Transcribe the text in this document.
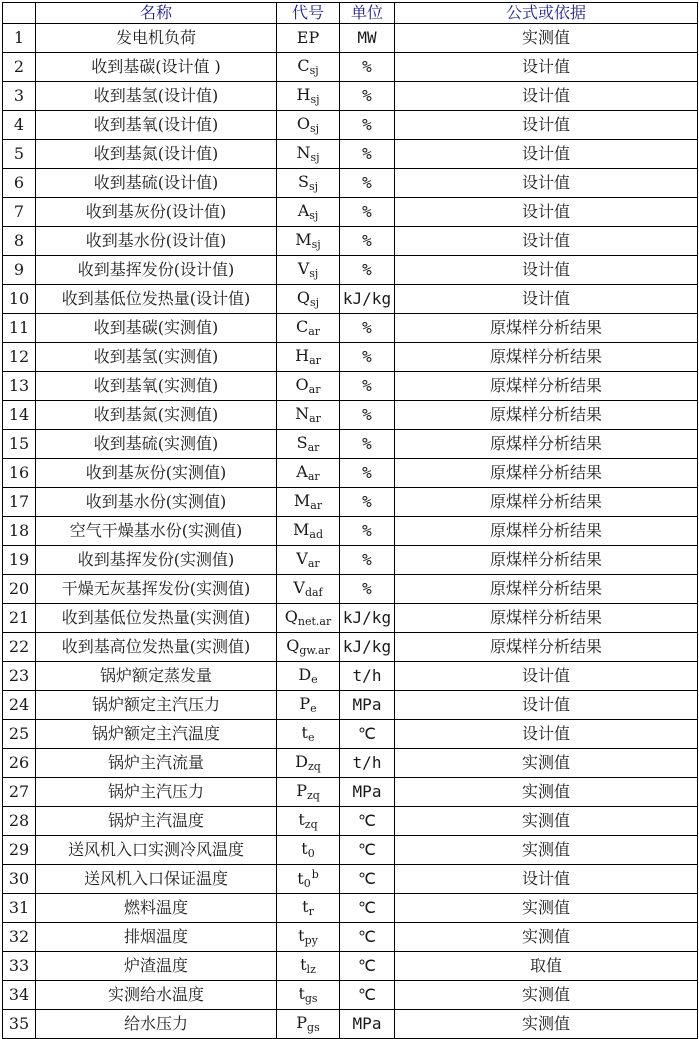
	名称	代号	单位	公式或依据
1	发电机负荷	EP	MW	实测值
2	收到基碳(设计值 )	$C_{sj}$	%	设计值
3	收到基氢(设计值)	$H_{sj}$	%	设计值
4	收到基氧(设计值)	$O_{sj}$	%	设计值
5	收到基氮(设计值)	$N_{sj}$	%	设计值
6	收到基硫(设计值)	$S_{sj}$	%	设计值
7	收到基灰份(设计值)	$A_{sj}$	%	设计值
8	收到基水份(设计值)	$M_{sj}$	%	设计值
9	收到基挥发份(设计值)	$V_{sj}$	%	设计值
10	收到基低位发热量(设计值)	$Q_{sj}$	kJ/kg	设计值
11	收到基碳(实测值)	$C_{ar}$	%	原煤样分析结果
12	收到基氢(实测值)	$H_{ar}$	%	原煤样分析结果
13	收到基氧(实测值)	$O_{ar}$	%	原煤样分析结果
14	收到基氮(实测值)	$N_{ar}$	%	原煤样分析结果
15	收到基硫(实测值)	$S_{ar}$	%	原煤样分析结果
16	收到基灰份(实测值)	$A_{ar}$	%	原煤样分析结果
17	收到基水份(实测值)	$M_{ar}$	%	原煤样分析结果
18	空气干燥基水份(实测值)	$M_{ad}$	%	原煤样分析结果
19	收到基挥发份(实测值)	$V_{ar}$	%	原煤样分析结果
20	干燥无灰基挥发份(实测值)	$V_{daf}$	%	原煤样分析结果
21	收到基低位发热量(实测值)	$Q_{net.ar}$	kJ/kg	原煤样分析结果
22	收到基高位发热量(实测值)	$Q_{gw.ar}$	kJ/kg	原煤样分析结果
23	锅炉额定蒸发量	$D_e$	t/h	设计值
24	锅炉额定主汽压力	$P_e$	MPa	设计值
25	锅炉额定主汽温度	$t_e$	℃	设计值
26	锅炉主汽流量	$D_{zq}$	t/h	实测值
27	锅炉主汽压力	$P_{zq}$	MPa	实测值
28	锅炉主汽温度	$t_{zq}$	℃	实测值
29	送风机入口实测冷风温度	$t_0$	℃	实测值
30	送风机入口保证温度	$t_0^b$	℃	设计值
31	燃料温度	$t_r$	℃	实测值
32	排烟温度	$t_{py}$	℃	实测值
33	炉渣温度	$t_{lz}$	℃	取值
34	实测给水温度	$t_{gs}$	℃	实测值
35	给水压力	$P_{gs}$	MPa	实测值
